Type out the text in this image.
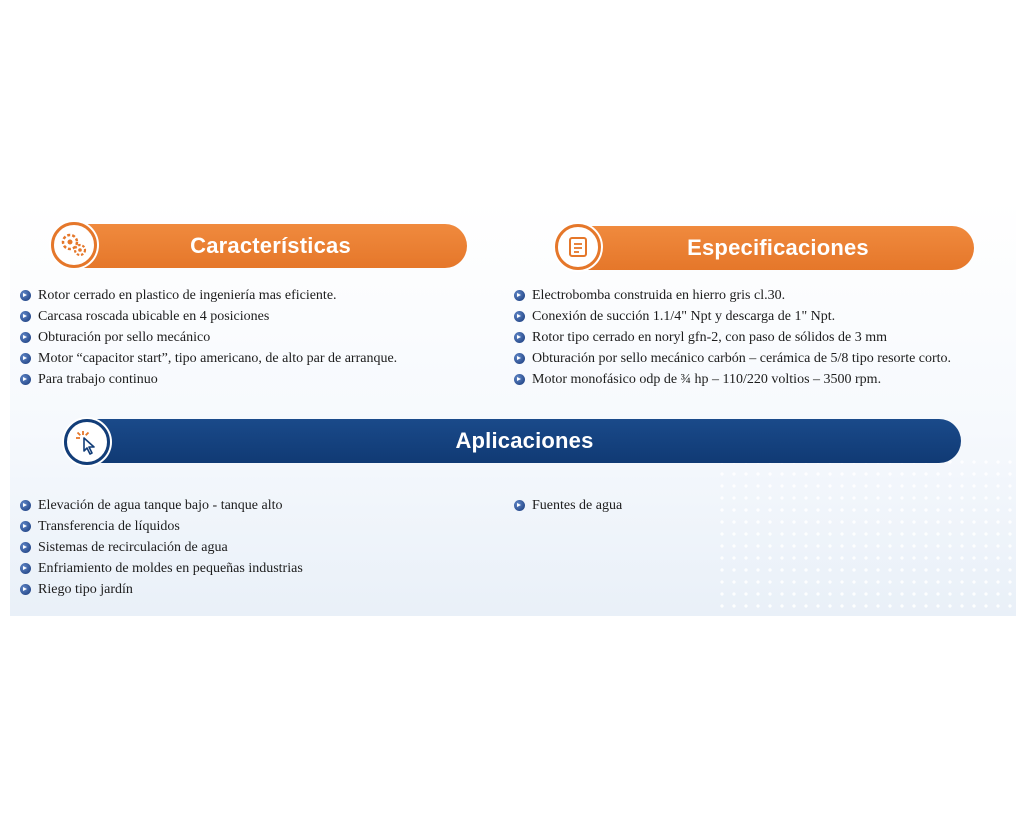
Características
Rotor cerrado en plastico de ingeniería mas eficiente.
Carcasa roscada ubicable en 4 posiciones
Obturación por sello mecánico
Motor “capacitor start”, tipo americano, de alto par de arranque.
Para trabajo continuo
Especificaciones
Electrobomba construida en hierro gris cl.30.
Conexión de succión 1.1/4" Npt y descarga de 1" Npt.
Rotor tipo cerrado en noryl gfn-2, con paso de sólidos de 3 mm
Obturación por sello mecánico carbón – cerámica de 5/8 tipo resorte corto.
Motor monofásico odp de ¾ hp – 110/220 voltios – 3500 rpm.
Aplicaciones
Elevación de agua tanque bajo - tanque alto
Transferencia de líquidos
Sistemas de recirculación de agua
Enfriamiento de moldes en pequeñas industrias
Riego tipo jardín
Fuentes de agua
